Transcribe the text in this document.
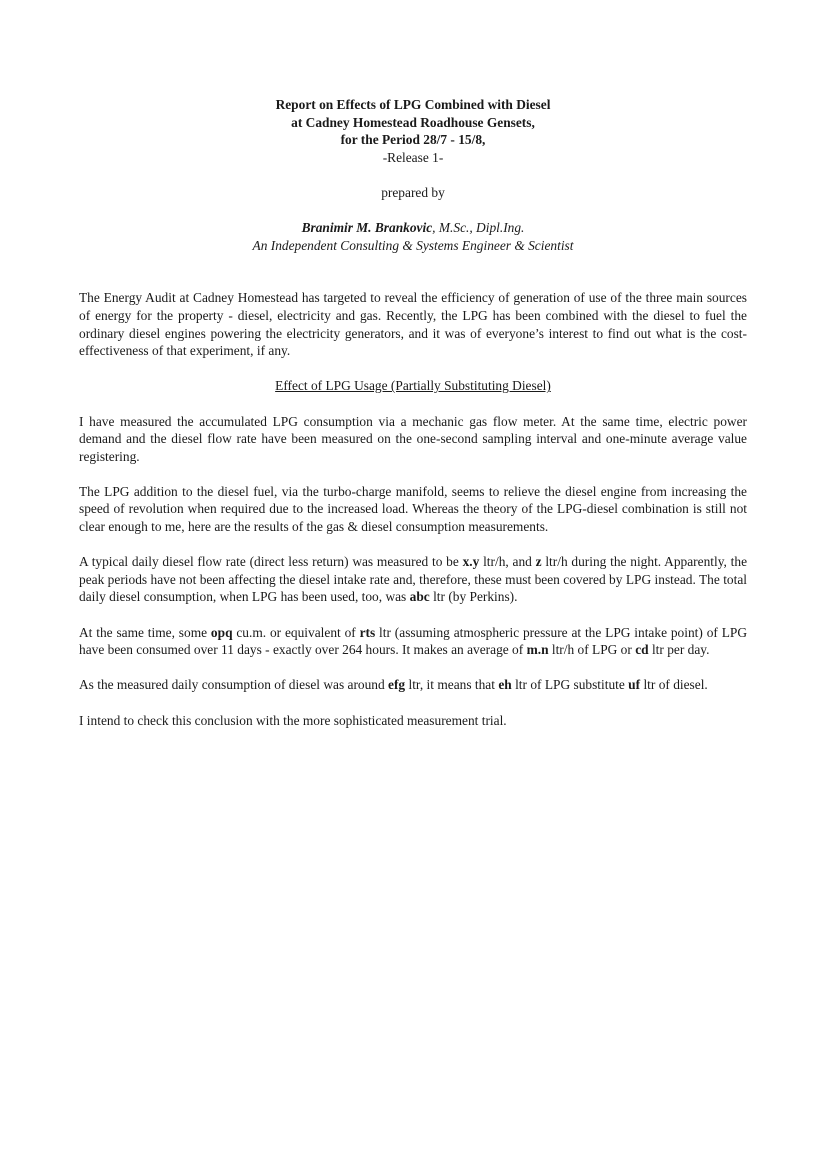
Report on Effects of LPG Combined with Diesel
at Cadney Homestead Roadhouse Gensets,
for the Period 28/7 - 15/8,
-Release 1-
prepared by
Branimir M. Brankovic, M.Sc., Dipl.Ing.
An Independent Consulting & Systems Engineer & Scientist

The Energy Audit at Cadney Homestead has targeted to reveal the efficiency of generation of use of the three main sources of energy for the property - diesel, electricity and gas. Recently, the LPG has been combined with the diesel to fuel the ordinary diesel engines powering the electricity generators, and it was of everyone’s interest to find out what is the cost-effectiveness of that experiment, if any.

Effect of LPG Usage (Partially Substituting Diesel)

I have measured the accumulated LPG consumption via a mechanic gas flow meter. At the same time, electric power demand and the diesel flow rate have been measured on the one-second sampling interval and one-minute average value registering.

The LPG addition to the diesel fuel, via the turbo-charge manifold, seems to relieve the diesel engine from increasing the speed of revolution when required due to the increased load. Whereas the theory of the LPG-diesel combination is still not clear enough to me, here are the results of the gas & diesel consumption measurements.

A typical daily diesel flow rate (direct less return) was measured to be x.y ltr/h, and z ltr/h during the night. Apparently, the peak periods have not been affecting the diesel intake rate and, therefore, these must been covered by LPG instead. The total daily diesel consumption, when LPG has been used, too, was abc ltr (by Perkins).

At the same time, some opq cu.m. or equivalent of rts ltr (assuming atmospheric pressure at the LPG intake point) of LPG have been consumed over 11 days - exactly over 264 hours. It makes an average of m.n ltr/h of LPG or cd ltr per day.

As the measured daily consumption of diesel was around efg ltr, it means that eh ltr of LPG substitute uf ltr of diesel.

I intend to check this conclusion with the more sophisticated measurement trial.
